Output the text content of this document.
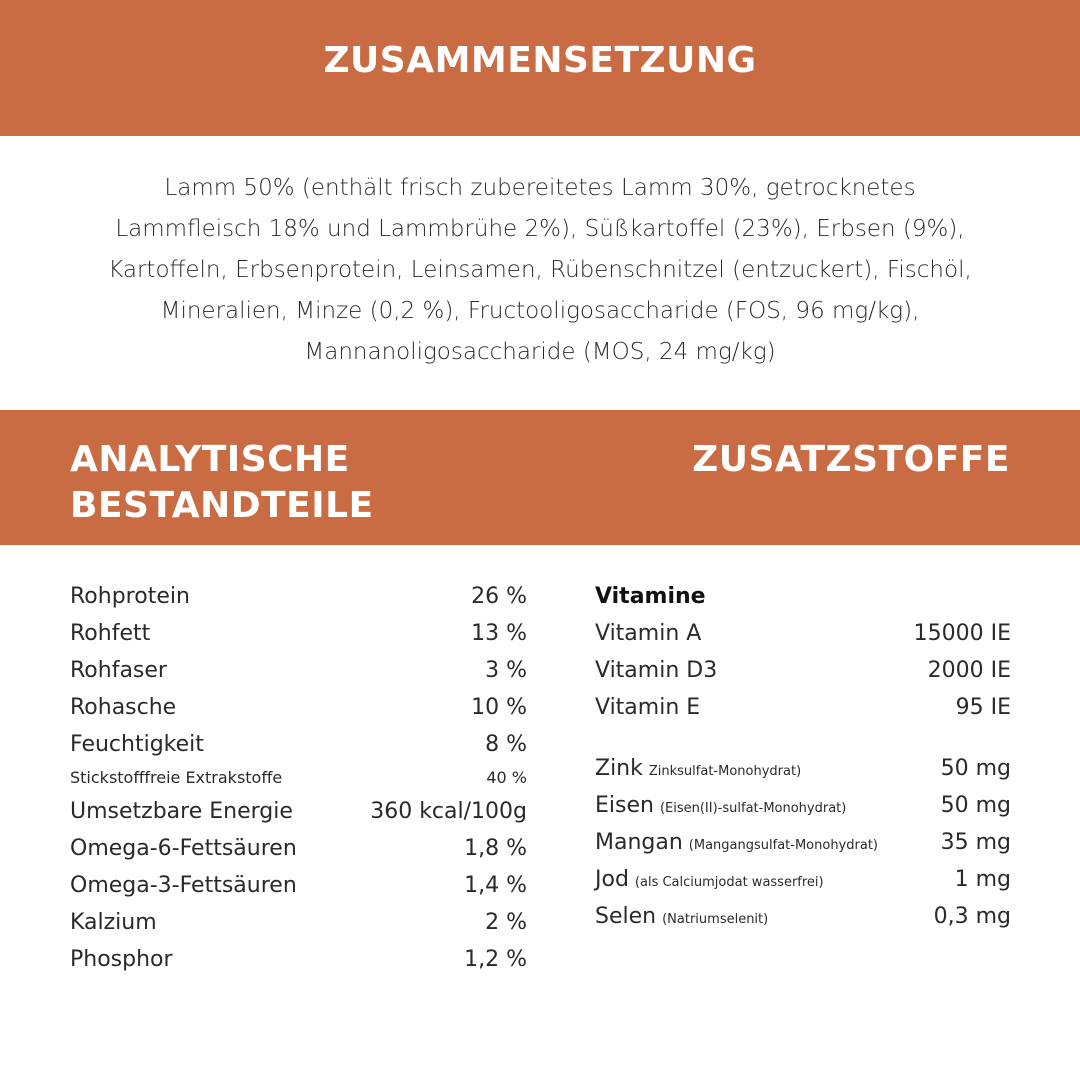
ZUSAMMENSETZUNG

Lamm 50% (enthält frisch zubereitetes Lamm 30%, getrocknetes Lammfleisch 18% und Lammbrühe 2%), Süßkartoffel (23%), Erbsen (9%), Kartoffeln, Erbsenprotein, Leinsamen, Rübenschnitzel (entzuckert), Fischöl, Mineralien, Minze (0,2 %), Fructooligosaccharide (FOS, 96 mg/kg), Mannanoligosaccharide (MOS, 24 mg/kg)

ANALYTISCHE
BESTANDTEILE
ZUSATZSTOFFE
Rohprotein	26 %
Rohfett	13 %
Rohfaser	3 %
Rohasche	10 %
Feuchtigkeit	8 %
Stickstofffreie Extrakstoffe	40 %
Umsetzbare Energie	360 kcal/100g
Omega-6-Fettsäuren	1,8 %
Omega-3-Fettsäuren	1,4 %
Kalzium	2 %
Phosphor	1,2 %
Vitamine
Vitamin A	15000 IE
Vitamin D3	2000 IE
Vitamin E	95 IE
Zink Zinksulfat-Monohydrat)	50 mg
Eisen (Eisen(II)-sulfat-Monohydrat)	50 mg
Mangan (Mangangsulfat-Monohydrat)	35 mg
Jod (als Calciumjodat wasserfrei)	1 mg
Selen (Natriumselenit)	0,3 mg
